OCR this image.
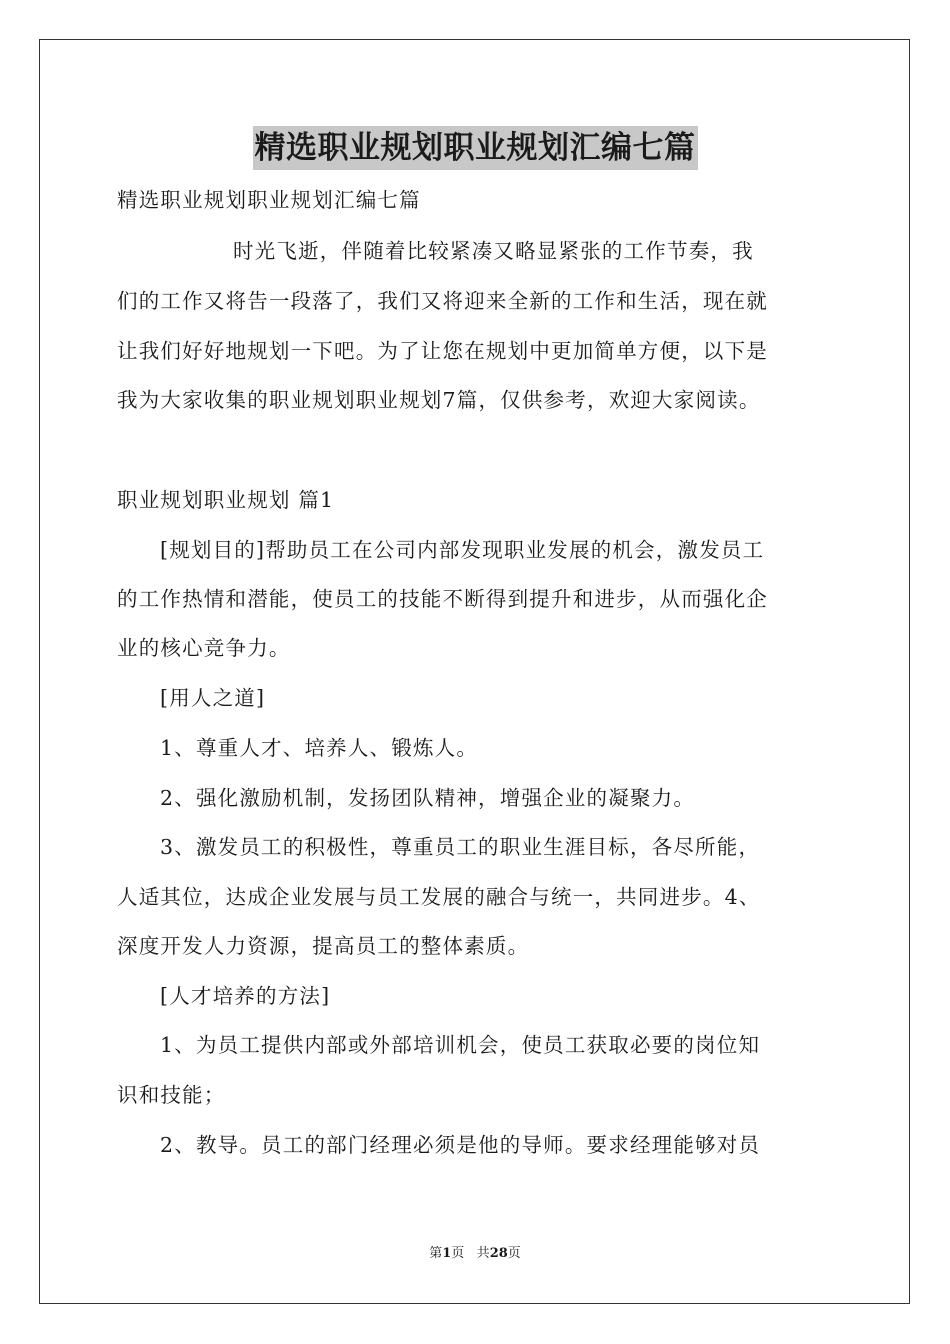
精选职业规划职业规划汇编七篇
精选职业规划职业规划汇编七篇
时光飞逝，伴随着比较紧凑又略显紧张的工作节奏，我
们的工作又将告一段落了，我们又将迎来全新的工作和生活，现在就
让我们好好地规划一下吧。为了让您在规划中更加简单方便，以下是
我为大家收集的职业规划职业规划7篇，仅供参考，欢迎大家阅读。
职业规划职业规划 篇1
[规划目的]帮助员工在公司内部发现职业发展的机会，激发员工
的工作热情和潜能，使员工的技能不断得到提升和进步，从而强化企
业的核心竞争力。
[用人之道]
1、尊重人才、培养人、锻炼人。
2、强化激励机制，发扬团队精神，增强企业的凝聚力。
3、激发员工的积极性，尊重员工的职业生涯目标，各尽所能，
人适其位，达成企业发展与员工发展的融合与统一，共同进步。4、
深度开发人力资源，提高员工的整体素质。
[人才培养的方法]
1、为员工提供内部或外部培训机会，使员工获取必要的岗位知
识和技能；
2、教导。员工的部门经理必须是他的导师。要求经理能够对员
第1页 共28页
